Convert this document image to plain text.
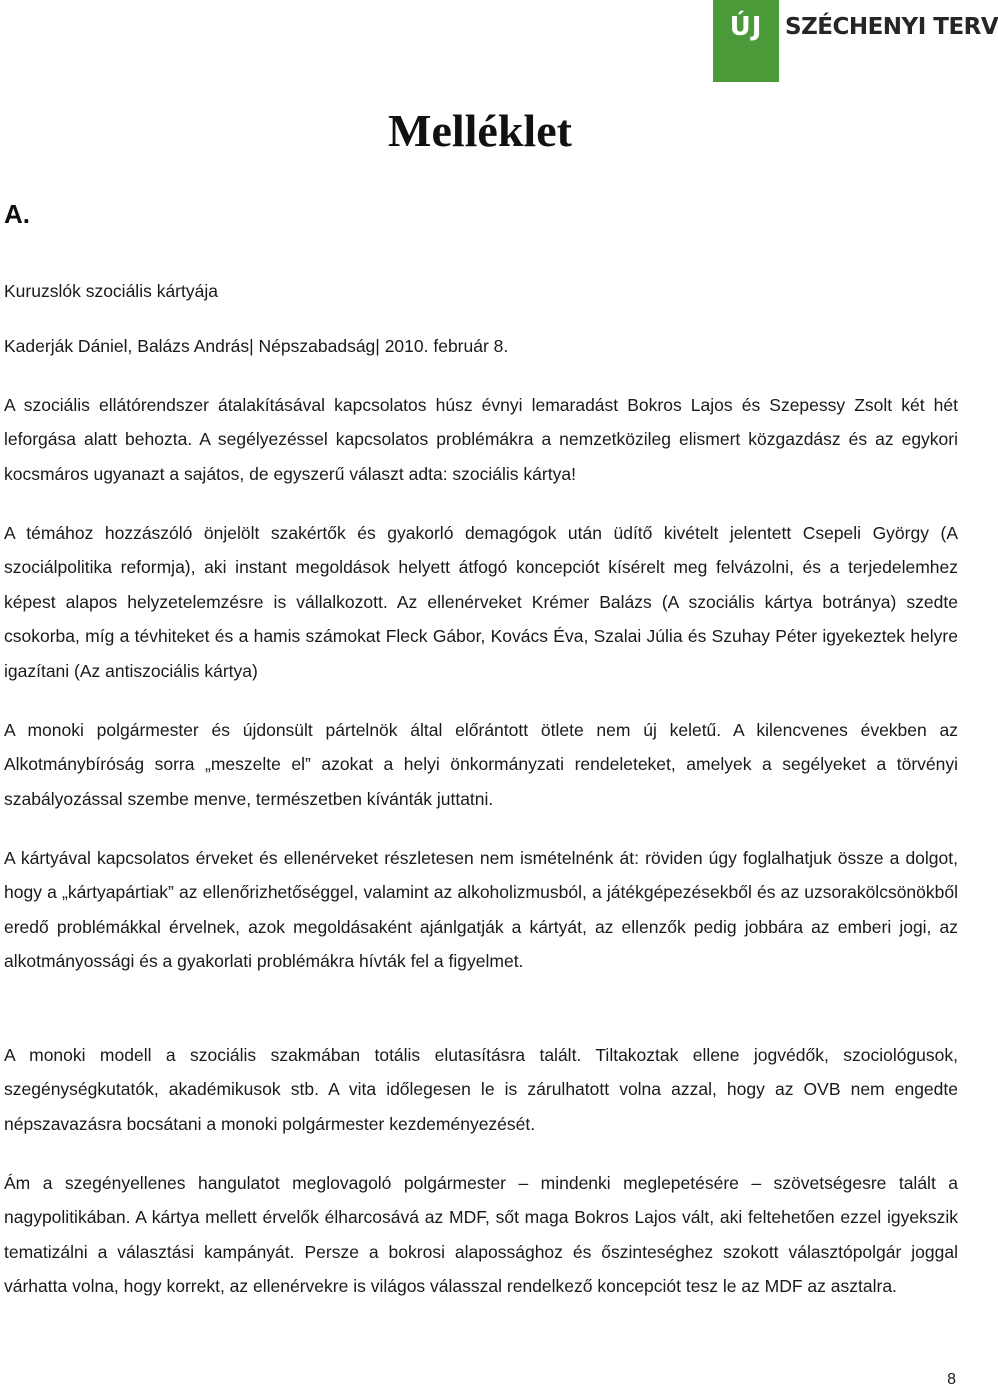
ÚJ SZÉCHENYI TERV
Melléklet
A.
Kuruzslók szociális kártyája
Kaderják Dániel, Balázs András| Népszabadság| 2010. február 8.

A szociális ellátórendszer átalakításával kapcsolatos húsz évnyi lemaradást Bokros Lajos és Szepessy Zsolt két hét leforgása alatt behozta. A segélyezéssel kapcsolatos problémákra a nemzetközileg elismert közgazdász és az egykori kocsmáros ugyanazt a sajátos, de egyszerű választ adta: szociális kártya!

A témához hozzászóló önjelölt szakértők és gyakorló demagógok után üdítő kivételt jelentett Csepeli György (A szociálpolitika reformja), aki instant megoldások helyett átfogó koncepciót kísérelt meg felvázolni, és a terjedelemhez képest alapos helyzetelemzésre is vállalkozott. Az ellenérveket Krémer Balázs (A szociális kártya botránya) szedte csokorba, míg a tévhiteket és a hamis számokat Fleck Gábor, Kovács Éva, Szalai Júlia és Szuhay Péter igyekeztek helyre igazítani (Az antiszociális kártya)

A monoki polgármester és újdonsült pártelnök által előrántott ötlete nem új keletű. A kilencvenes években az Alkotmánybíróság sorra „meszelte el” azokat a helyi önkormányzati rendeleteket, amelyek a segélyeket a törvényi szabályozással szembe menve, természetben kívánták juttatni.

A kártyával kapcsolatos érveket és ellenérveket részletesen nem ismételnénk át: röviden úgy foglalhatjuk össze a dolgot, hogy a „kártyapártiak” az ellenőrizhetőséggel, valamint az alkoholizmusból, a játékgépezésekből és az uzsorakölcsönökből eredő problémákkal érvelnek, azok megoldásaként ajánlgatják a kártyát, az ellenzők pedig jobbára az emberi jogi, az alkotmányossági és a gyakorlati problémákra hívták fel a figyelmet.

A monoki modell a szociális szakmában totális elutasításra talált. Tiltakoztak ellene jogvédők, szociológusok, szegénységkutatók, akadémikusok stb. A vita időlegesen le is zárulhatott volna azzal, hogy az OVB nem engedte népszavazásra bocsátani a monoki polgármester kezdeményezését.

Ám a szegényellenes hangulatot meglovagoló polgármester – mindenki meglepetésére – szövetségesre talált a nagypolitikában. A kártya mellett érvelők élharcosává az MDF, sőt maga Bokros Lajos vált, aki feltehetően ezzel igyekszik tematizálni a választási kampányát. Persze a bokrosi alapossághoz és őszinteséghez szokott választópolgár joggal várhatta volna, hogy korrekt, az ellenérvekre is világos válasszal rendelkező koncepciót tesz le az MDF az asztalra.

8
